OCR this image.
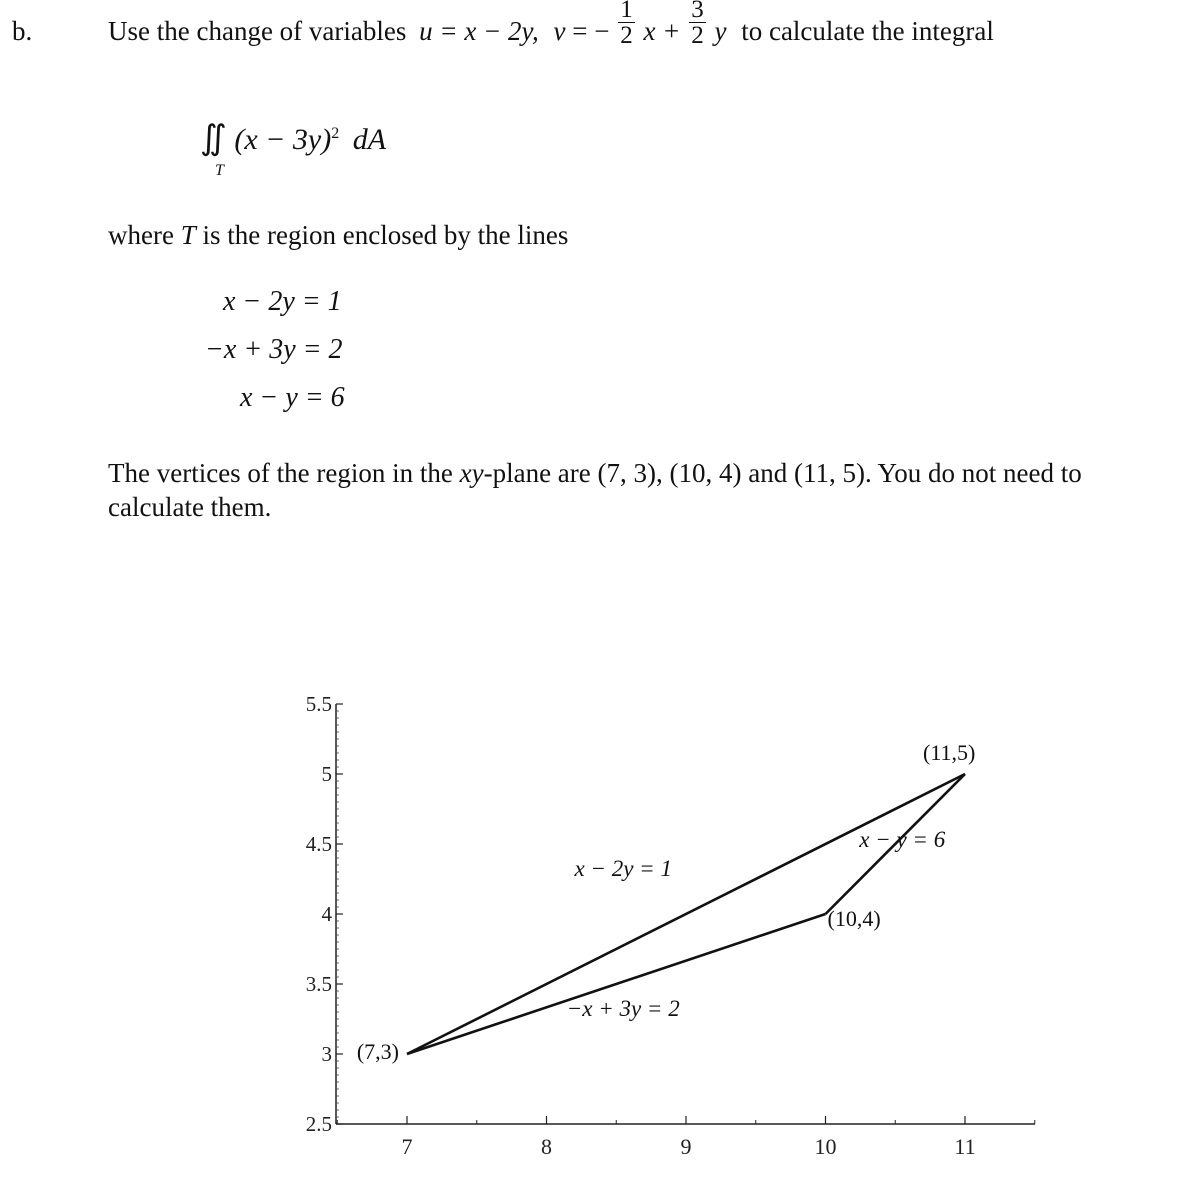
b.	Use the change of variables u = x − 2y, v = − $\frac{1}{2}$ $x + \frac{3}{2}$ y to calculate the integral
∬ $(x - 3y)^2$ dA
T
where T is the region enclosed by the lines
x − 2y = 1
−x + 3y = 2
x − y = 6
The vertices of the region in the xy-plane are (7, 3), (10, 4) and (11, 5). You do not need to
calculate them.
7	8	9	10	11
2.5
3
3.5
4
4.5
5
5.5
(7,3)
(10,4)
(11,5)
x − 2y = 1
−x + 3y = 2
x − y = 6
